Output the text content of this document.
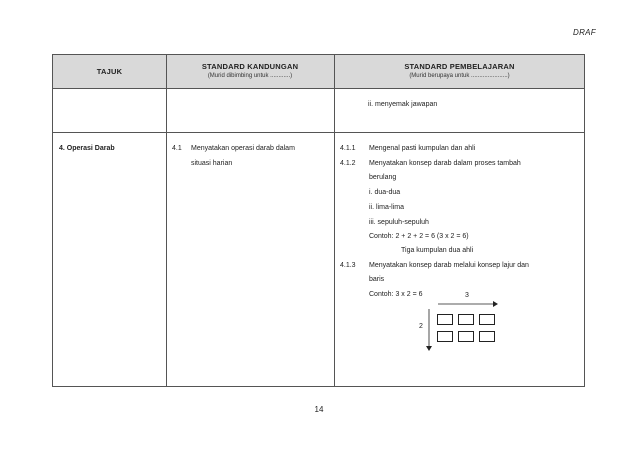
DRAF
TAJUK
STANDARD KANDUNGAN
(Murid dibimbing untuk ............)
STANDARD PEMBELAJARAN
(Murid berupaya untuk ......................)
ii. menyemak jawapan
4. Operasi Darab	4.1 Menyatakan operasi darab dalam
situasi harian
4.1.1 Mengenal pasti kumpulan dan ahli
4.1.2 Menyatakan konsep darab dalam proses tambah
berulang
i. dua-dua
ii. lima-lima
iii. sepuluh-sepuluh
Contoh: 2 + 2 + 2 = 6 (3 x 2 = 6)
Tiga kumpulan dua ahli
4.1.3 Menyatakan konsep darab melalui konsep lajur dan
baris
Contoh: 3 x 2 = 6	3
2
14
